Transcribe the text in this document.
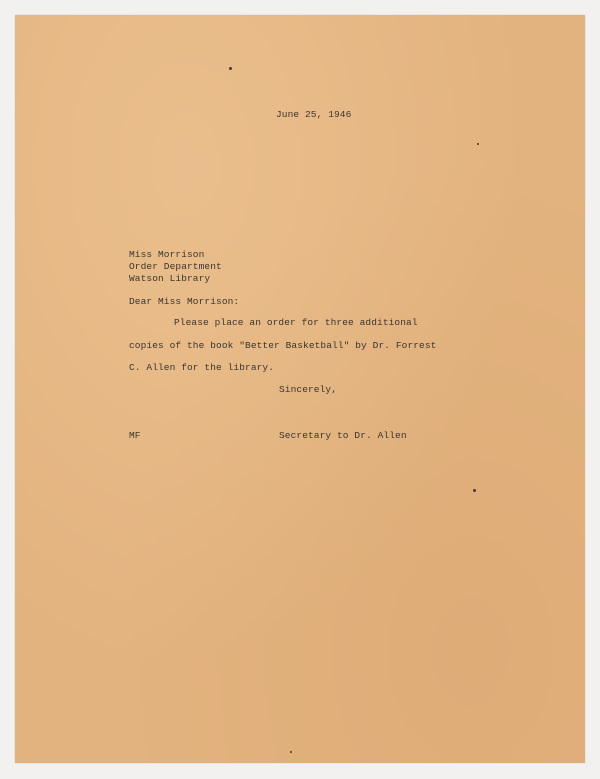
June 25, 1946
Miss Morrison
Order Department
Watson Library
Dear Miss Morrison:
Please place an order for three additional
copies of the book "Better Basketball" by Dr. Forrest
C. Allen for the library.
Sincerely,
MF	Secretary to Dr. Allen
